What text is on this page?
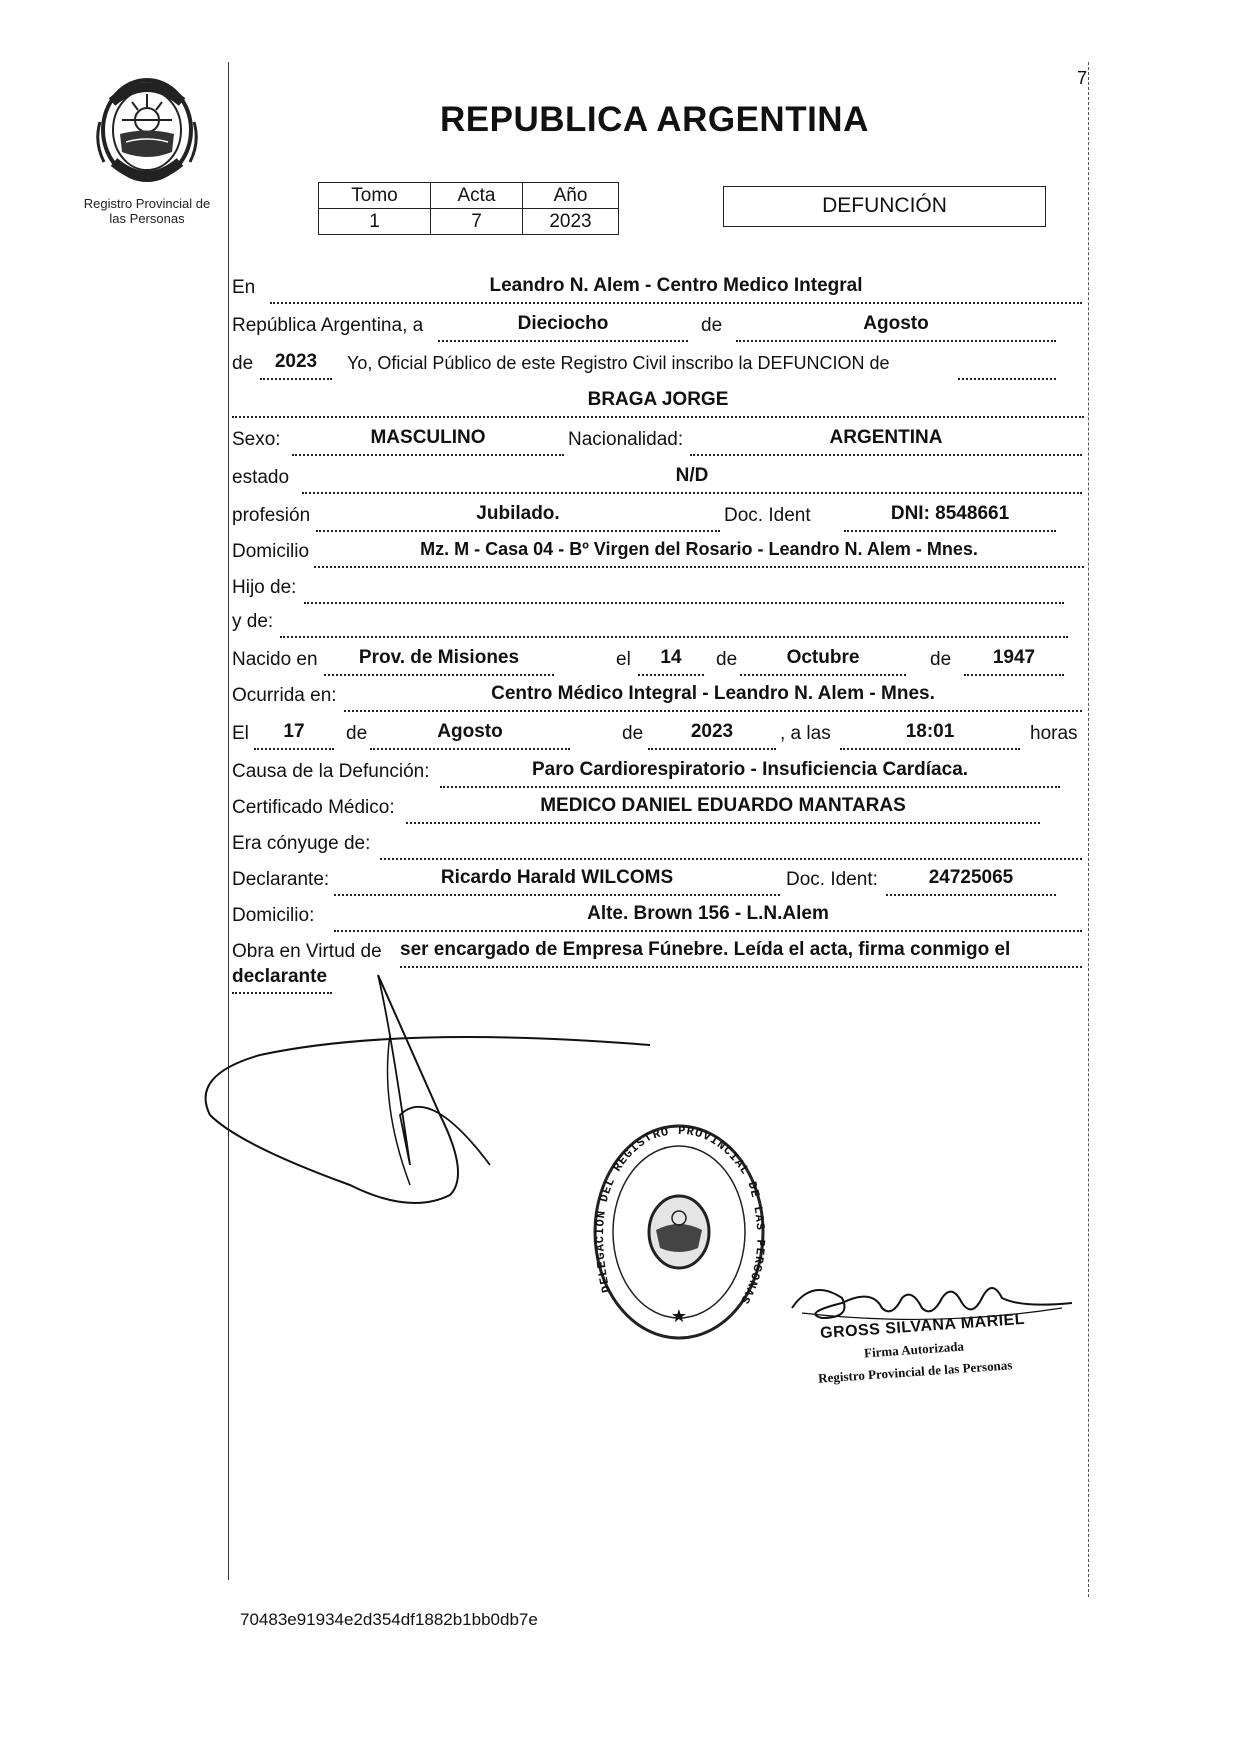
Registro Provincial de
las Personas
7
REPUBLICA ARGENTINA
Tomo	Acta	Año
1	7	2023
DEFUNCIÓN
En	Leandro N. Alem - Centro Medico Integral
República Argentina, a	Dieciocho	de	Agosto
de	2023	Yo, Oficial Público de este Registro Civil inscribo la DEFUNCION de
BRAGA JORGE
Sexo:	MASCULINO	Nacionalidad:	ARGENTINA
estado	N/D
profesión	Jubilado.	Doc. Ident	DNI: 8548661
Domicilio	Mz. M - Casa 04 - Bº Virgen del Rosario - Leandro N. Alem - Mnes.
Hijo de:
y de:
Nacido en	Prov. de Misiones	el	14	de	Octubre	de	1947
Ocurrida en:	Centro Médico Integral - Leandro N. Alem - Mnes.
El	17	de	Agosto	de	2023	, a las	18:01	horas
Causa de la Defunción:	Paro Cardiorespiratorio - Insuficiencia Cardíaca.
Certificado Médico:	MEDICO DANIEL EDUARDO MANTARAS
Era cónyuge de:
Declarante:	Ricardo Harald WILCOMS	Doc. Ident:	24725065
Domicilio:	Alte. Brown 156 - L.N.Alem
Obra en Virtud de ser encargado de Empresa Fúnebre. Leída el acta, firma conmigo el
declarante
★
DELEGACION DEL REGISTRO PROVINCIAL DE LAS PERSONAS
GROSS SILVANA MARIEL
Firma Autorizada
Registro Provincial de las Personas
70483e91934e2d354df1882b1bb0db7e
